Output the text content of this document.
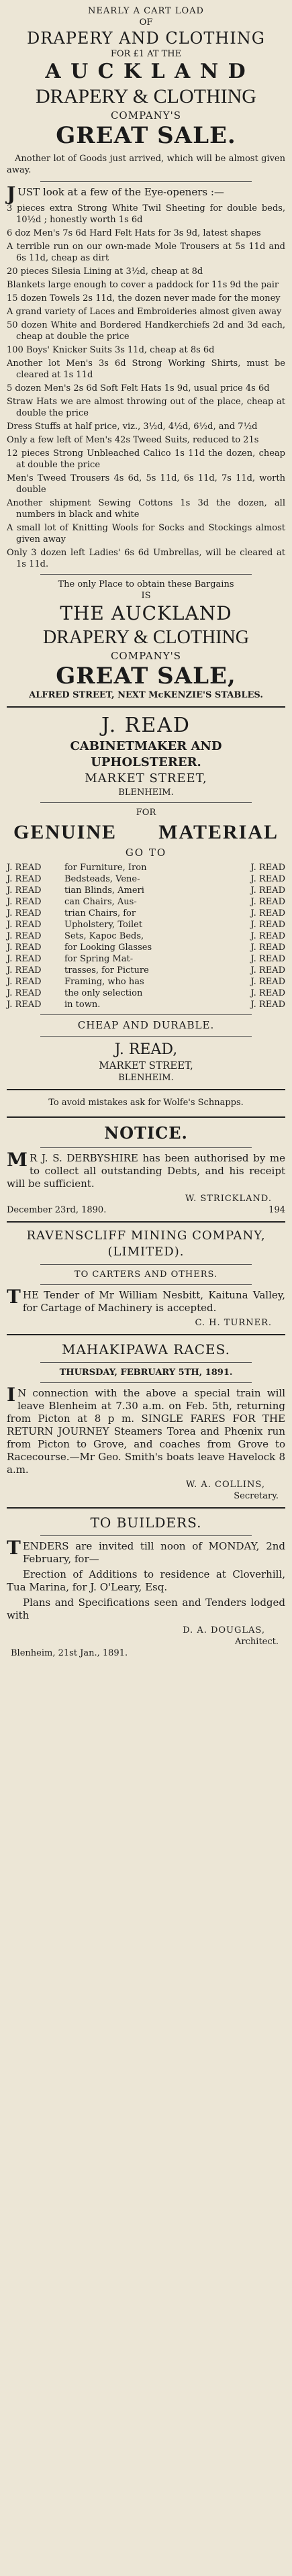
NEARLY A CART LOAD
OF
DRAPERY AND CLOTHING
FOR £1 AT THE
A U C K L A N D
DRAPERY & CLOTHING
COMPANY'S
GREAT SALE.
Another lot of Goods just arrived, which will be almost given away.
JUST look at a few of the Eye-openers :—
3 pieces extra Strong White Twil Sheeting for double beds, 10½d ; honestly worth 1s 6d
6 doz Men's 7s 6d Hard Felt Hats for 3s 9d, latest shapes
A terrible run on our own-made Mole Trousers at 5s 11d and 6s 11d, cheap as dirt
20 pieces Silesia Lining at 3½d, cheap at 8d
Blankets large enough to cover a paddock for 11s 9d the pair
15 dozen Towels 2s 11d, the dozen never made for the money
A grand variety of Laces and Embroideries almost given away
50 dozen White and Bordered Handkerchiefs 2d and 3d each, cheap at double the price
100 Boys' Knicker Suits 3s 11d, cheap at 8s 6d
Another lot Men's 3s 6d Strong Working Shirts, must be cleared at 1s 11d
5 dozen Men's 2s 6d Soft Felt Hats 1s 9d, usual price 4s 6d
Straw Hats we are almost throwing out of the place, cheap at double the price
Dress Stuffs at half price, viz., 3½d, 4½d, 6½d, and 7½d
Only a few left of Men's 42s Tweed Suits, reduced to 21s
12 pieces Strong Unbleached Calico 1s 11d the dozen, cheap at double the price
Men's Tweed Trousers 4s 6d, 5s 11d, 6s 11d, 7s 11d, worth double
Another shipment Sewing Cottons 1s 3d the dozen, all numbers in black and white
A small lot of Knitting Wools for Socks and Stockings almost given away
Only 3 dozen left Ladies' 6s 6d Umbrellas, will be cleared at 1s 11d.
The only Place to obtain these Bargains
IS
THE AUCKLAND
DRAPERY & CLOTHING
COMPANY'S
GREAT SALE,
ALFRED STREET, NEXT McKENZIE'S STABLES.
J. READ
CABINETMAKER AND UPHOLSTERER.
MARKET STREET,
BLENHEIM.
FOR
GENUINE MATERIAL
GO TO
J. READ	for Furniture, Iron	J. READ
J. READ	Bedsteads, Vene-	J. READ
J. READ	tian Blinds, Ameri	J. READ
J. READ	can Chairs, Aus-	J. READ
J. READ	trian Chairs, for	J. READ
J. READ	Upholstery, Toilet	J. READ
J. READ	Sets, Kapoc Beds,	J. READ
J. READ	for Looking Glasses	J. READ
J. READ	for Spring Mat-	J. READ
J. READ	trasses, for Picture	J. READ
J. READ	Framing, who has	J. READ
J. READ	the only selection	J. READ
J. READ	in town.	J. READ
CHEAP AND DURABLE.
J. READ,
MARKET STREET,
BLENHEIM.
To avoid mistakes ask for Wolfe's Schnapps.
NOTICE.
MR J. S. DERBYSHIRE has been authorised by me to collect all outstanding Debts, and his receipt will be sufficient.
W. STRICKLAND.
December 23rd, 1890.	194
RAVENSCLIFF MINING COMPANY, (LIMITED).
TO CARTERS AND OTHERS.
THE Tender of Mr William Nesbitt, Kaituna Valley, for Cartage of Machinery is accepted.
C. H. TURNER.
MAHAKIPAWA RACES.
THURSDAY, FEBRUARY 5TH, 1891.
IN connection with the above a special train will leave Blenheim at 7.30 a.m. on Feb. 5th, returning from Picton at 8 p m. SINGLE FARES FOR THE RETURN JOURNEY Steamers Torea and Phœnix run from Picton to Grove, and coaches from Grove to Racecourse.—Mr Geo. Smith's boats leave Havelock 8 a.m.
W. A. COLLINS,
Secretary.
TO BUILDERS.
TENDERS are invited till noon of MONDAY, 2nd February, for—
Erection of Additions to residence at Cloverhill, Tua Marina, for J. O'Leary, Esq.
Plans and Specifications seen and Tenders lodged with
D. A. DOUGLAS,
Architect.
Blenheim, 21st Jan., 1891.
